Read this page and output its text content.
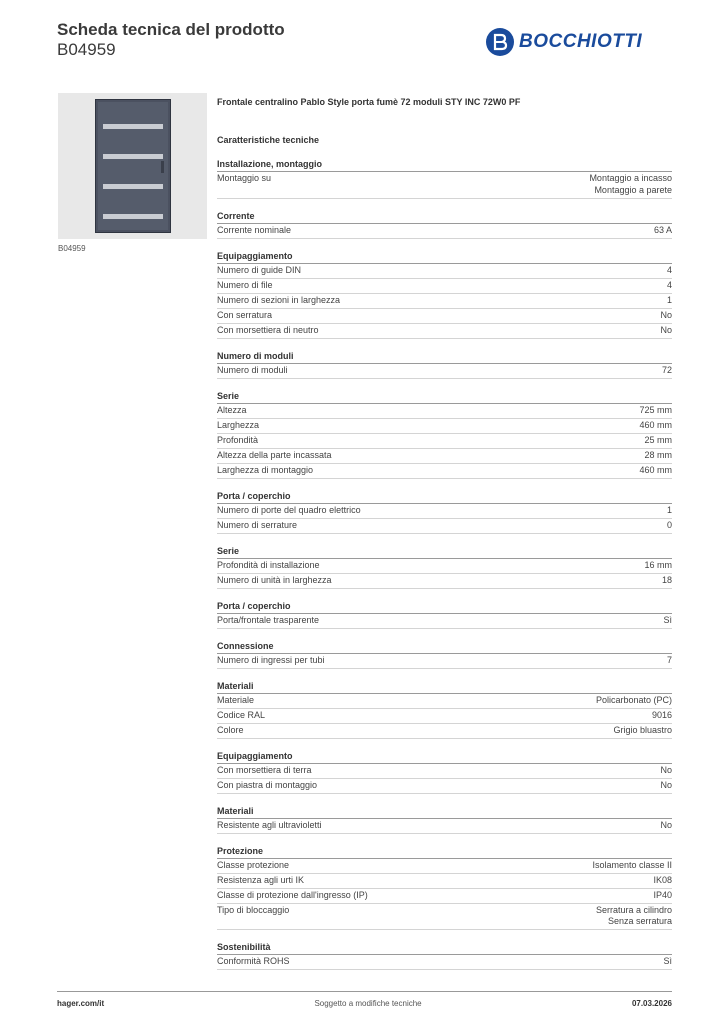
Scheda tecnica del prodotto
B04959	BOCCHIOTTI
B04959
Frontale centralino Pablo Style porta fumè 72 moduli STY INC 72W0 PF
Caratteristiche tecniche
Installazione, montaggio
Montaggio su	Montaggio a incasso
Montaggio a parete
Corrente
Corrente nominale	63 A
Equipaggiamento
Numero di guide DIN	4
Numero di file	4
Numero di sezioni in larghezza	1
Con serratura	No
Con morsettiera di neutro	No
Numero di moduli
Numero di moduli	72
Serie
Altezza	725 mm
Larghezza	460 mm
Profondità	25 mm
Altezza della parte incassata	28 mm
Larghezza di montaggio	460 mm
Porta / coperchio
Numero di porte del quadro elettrico	1
Numero di serrature	0
Serie
Profondità di installazione	16 mm
Numero di unità in larghezza	18
Porta / coperchio
Porta/frontale trasparente	Sì
Connessione
Numero di ingressi per tubi	7
Materiali
Materiale	Policarbonato (PC)
Codice RAL	9016
Colore	Grigio bluastro
Equipaggiamento
Con morsettiera di terra	No
Con piastra di montaggio	No
Materiali
Resistente agli ultravioletti	No
Protezione
Classe protezione	Isolamento classe II
Resistenza agli urti IK	IK08
Classe di protezione dall'ingresso (IP)	IP40
Tipo di bloccaggio	Serratura a cilindro
Senza serratura
Sostenibilità
Conformità ROHS	Sì
hager.com/it	Soggetto a modifiche tecniche	07.03.2026
